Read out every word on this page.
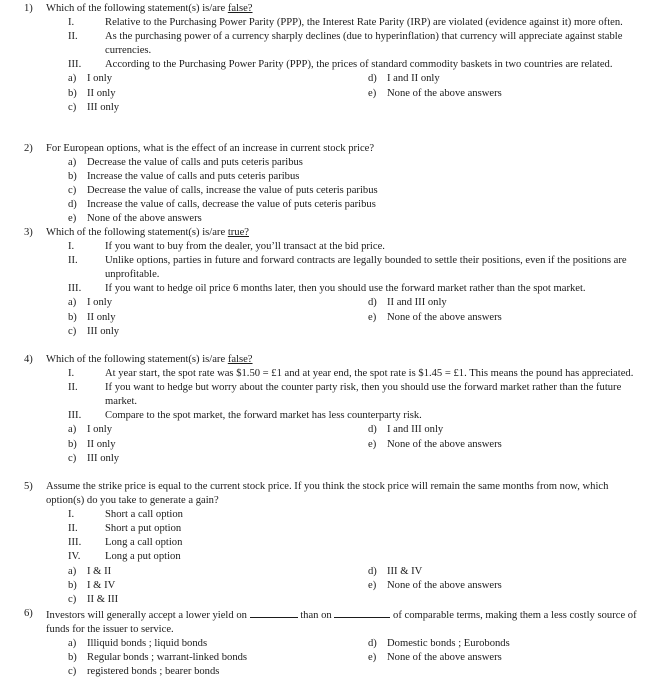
1)	Which of the following statement(s) is/are false?
I.	Relative to the Purchasing Power Parity (PPP), the Interest Rate Parity (IRP) are violated (evidence against it) more often.
II.	As the purchasing power of a currency sharply declines (due to hyperinflation) that currency will appreciate against stable currencies.
III.	According to the Purchasing Power Parity (PPP), the prices of standard commodity baskets in two countries are related.
a)	I only	d) I and II only
b) II only	e)	None of the above answers
c)	III only
2)	For European options, what is the effect of an increase in current stock price?
a)	Decrease the value of calls and puts ceteris paribus
b) Increase the value of calls and puts ceteris paribus
c)	Decrease the value of calls, increase the value of puts ceteris paribus
d) Increase the value of calls, decrease the value of puts ceteris paribus
e)	None of the above answers
3)	Which of the following statement(s) is/are true?
I.	If you want to buy from the dealer, you’ll transact at the bid price.
II.	Unlike options, parties in future and forward contracts are legally bounded to settle their positions, even if the positions are unprofitable.
III.	If you want to hedge oil price 6 months later, then you should use the forward market rather than the spot market.
a)	I only	d) II and III only
b) II only	e)	None of the above answers
c)	III only
4)	Which of the following statement(s) is/are false?
I.	At year start, the spot rate was $1.50 = £1 and at year end, the spot rate is $1.45 = £1. This means the pound has appreciated.
II.	If you want to hedge but worry about the counter party risk, then you should use the forward market rather than the future market.
III.	Compare to the spot market, the forward market has less counterparty risk.
a)	I only	d) I and III only
b) II only	e)	None of the above answers
c)	III only
5)	Assume the strike price is equal to the current stock price. If you think the stock price will remain the same months from now, which option(s) do you take to generate a gain?
I.	Short a call option
II.	Short a put option
III.	Long a call option
IV.	Long a put option
a)	I & II	d) III & IV
b) I & IV	e)	None of the above answers
c)	II & III
6)	Investors will generally accept a lower yield on	than on	of comparable terms, making them a less costly source of funds for the issuer to service.
a)	Illiquid bonds ; liquid bonds	d) Domestic bonds ; Eurobonds
b) Regular bonds ; warrant-linked bonds	e)	None of the above answers
c)	registered bonds ; bearer bonds
